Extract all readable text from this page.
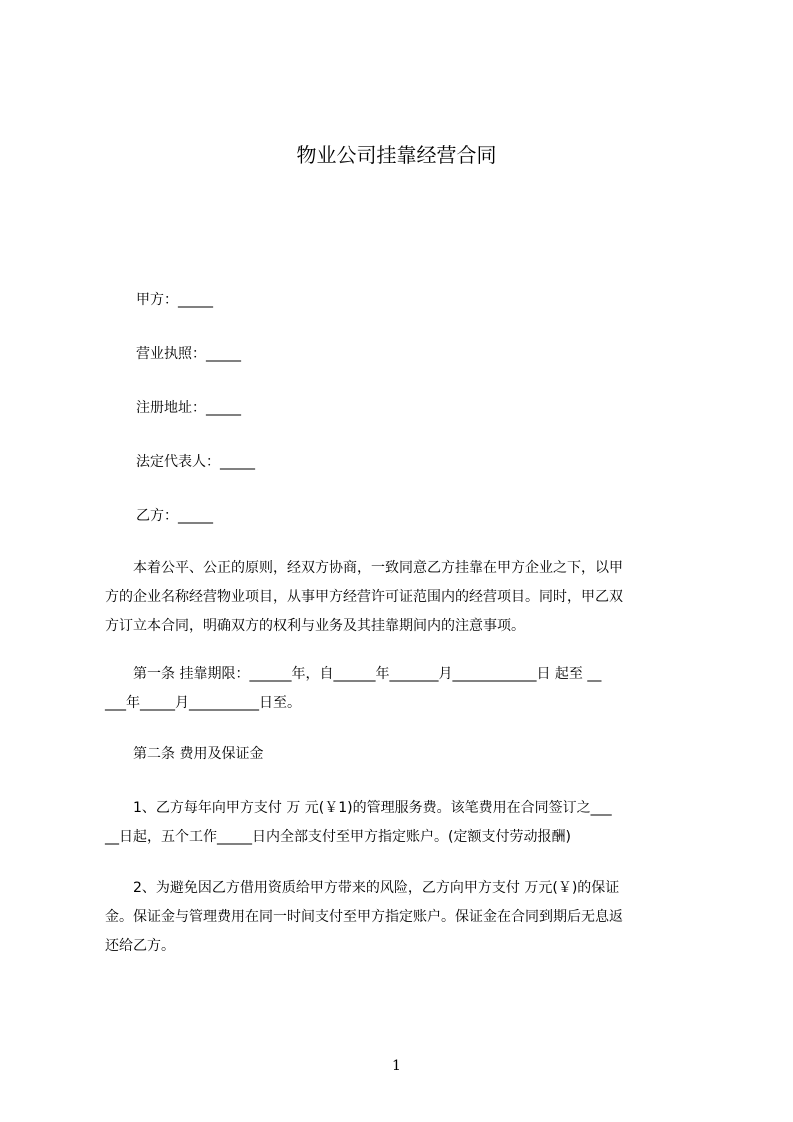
物业公司挂靠经营合同
甲方：_____
营业执照：_____
注册地址：_____
法定代表人：_____
乙方：_____
　　本着公平、公正的原则，经双方协商，一致同意乙方挂靠在甲方企业之下，以甲
方的企业名称经营物业项目，从事甲方经营许可证范围内的经营项目。同时，甲乙双
方订立本合同，明确双方的权利与业务及其挂靠期间内的注意事项。
　　第一条 挂靠期限：______年，自______年_______月____________日 起至 __
___年_____月__________日至。
　　第二条 费用及保证金
　　1、乙方每年向甲方支付 万 元(￥1)的管理服务费。该笔费用在合同签订之___
__日起，五个工作_____日内全部支付至甲方指定账户。(定额支付劳动报酬)
　　2、为避免因乙方借用资质给甲方带来的风险，乙方向甲方支付 万元(￥)的保证
金。保证金与管理费用在同一时间支付至甲方指定账户。保证金在合同到期后无息返
还给乙方。
1
